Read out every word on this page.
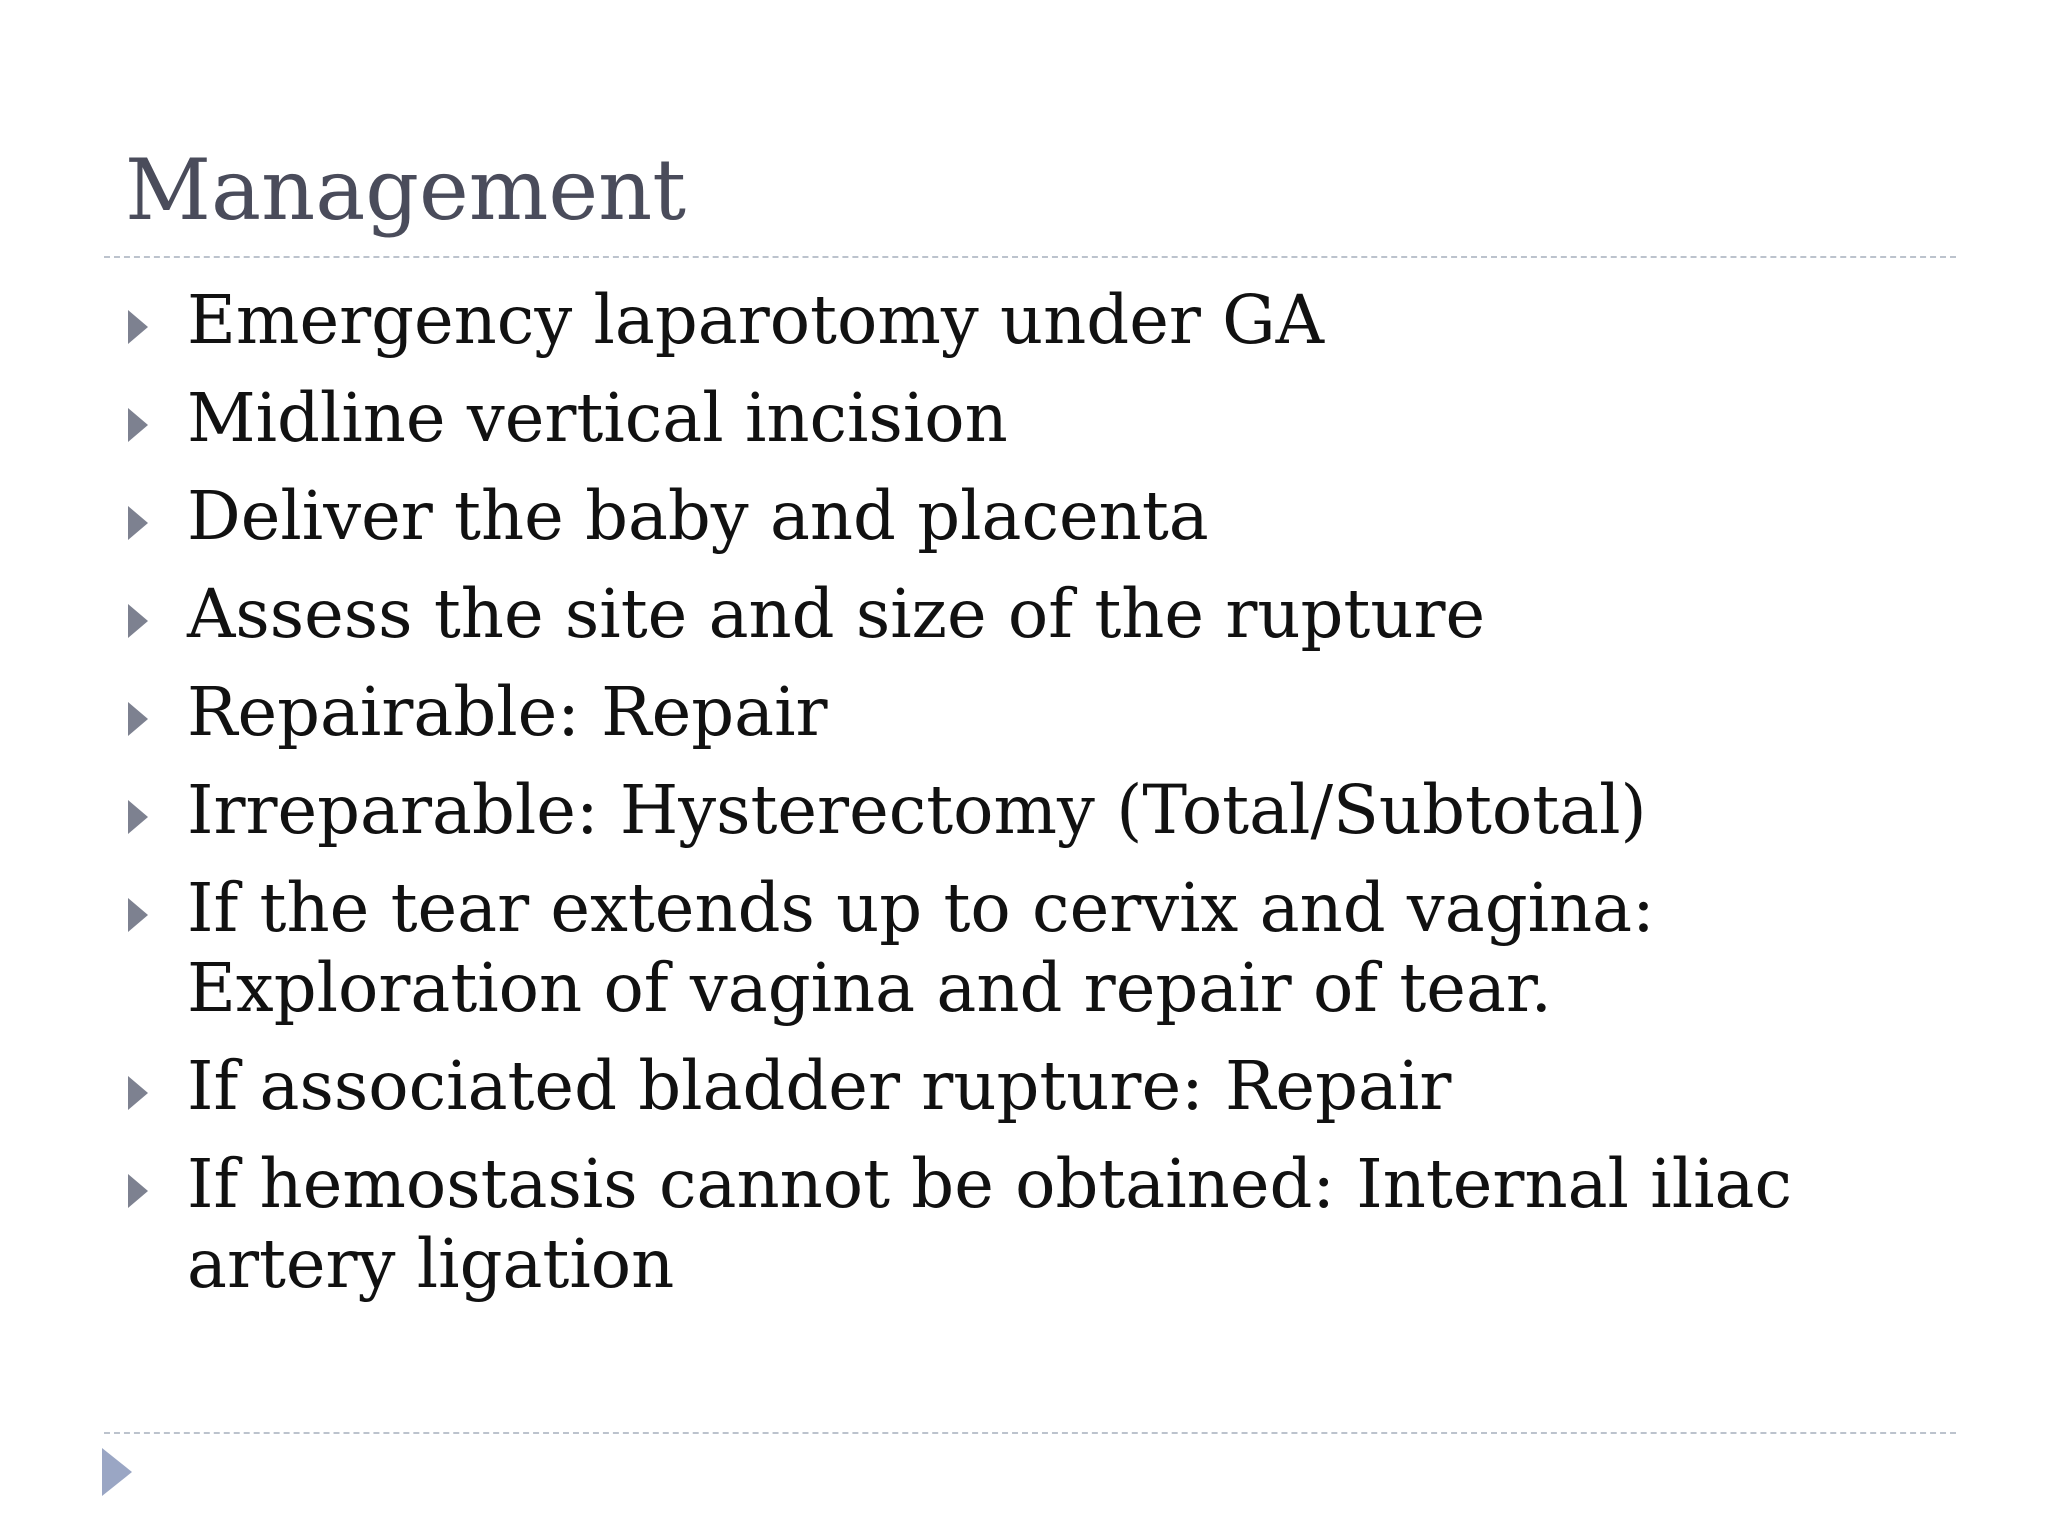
Management
Emergency laparotomy under GA
Midline vertical incision
Deliver the baby and placenta
Assess the site and size of the rupture
Repairable: Repair
Irreparable: Hysterectomy (Total/Subtotal)
If the tear extends up to cervix and vagina:
Exploration of vagina and repair of tear.
If associated bladder rupture: Repair
If hemostasis cannot be obtained: Internal iliac
artery ligation
